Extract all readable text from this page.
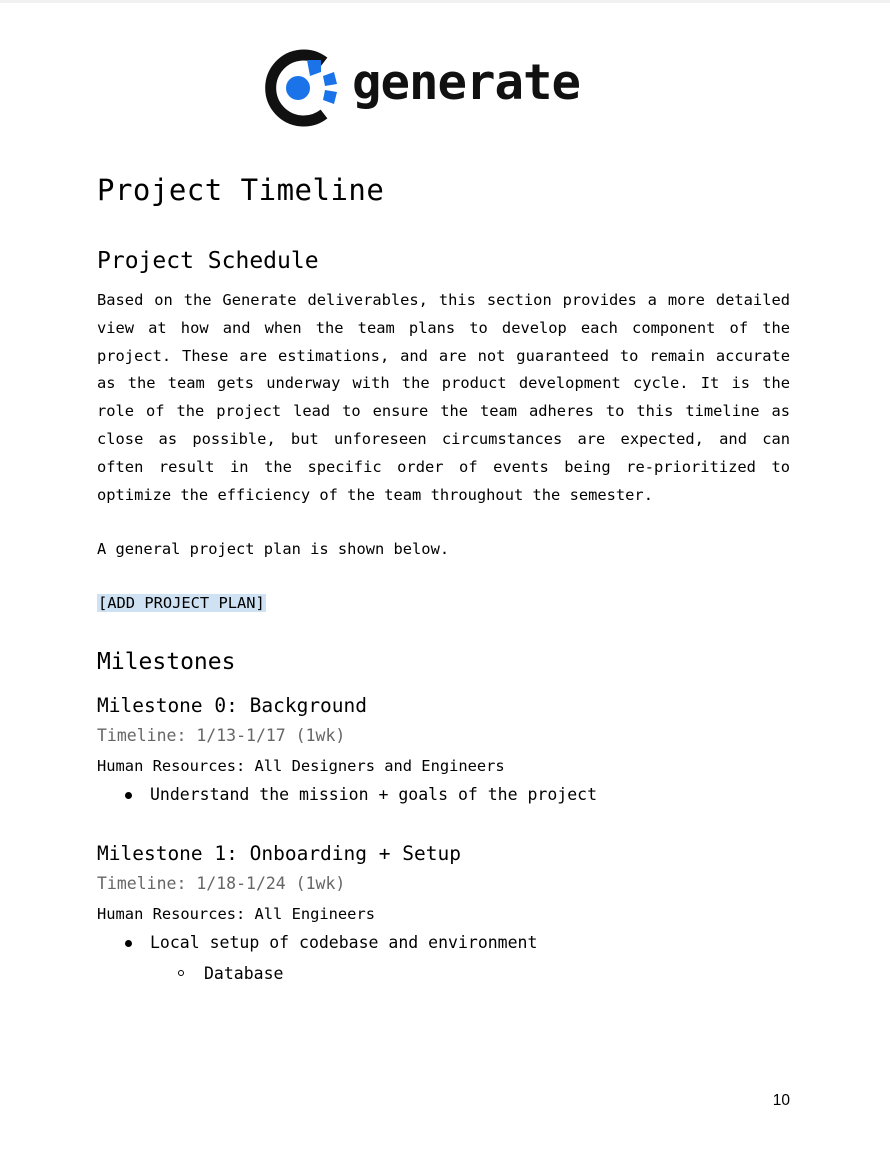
generate
Project Timeline
Project Schedule

Based on the Generate deliverables, this section provides a more detailed view at how and when the team plans to develop each component of the project. These are estimations, and are not guaranteed to remain accurate as the team gets underway with the product development cycle. It is the role of the project lead to ensure the team adheres to this timeline as close as possible, but unforeseen circumstances are expected, and can often result in the specific order of events being re-prioritized to optimize the efficiency of the team throughout the semester.

A general project plan is shown below.

[ADD PROJECT PLAN]
Milestones
Milestone 0: Background

Timeline: 1/13-1/17 (1wk)

Human Resources: All Designers and Engineers

Understand the mission + goals of the project
Milestone 1: Onboarding + Setup

Timeline: 1/18-1/24 (1wk)

Human Resources: All Engineers

Local setup of codebase and environment
Database
10
